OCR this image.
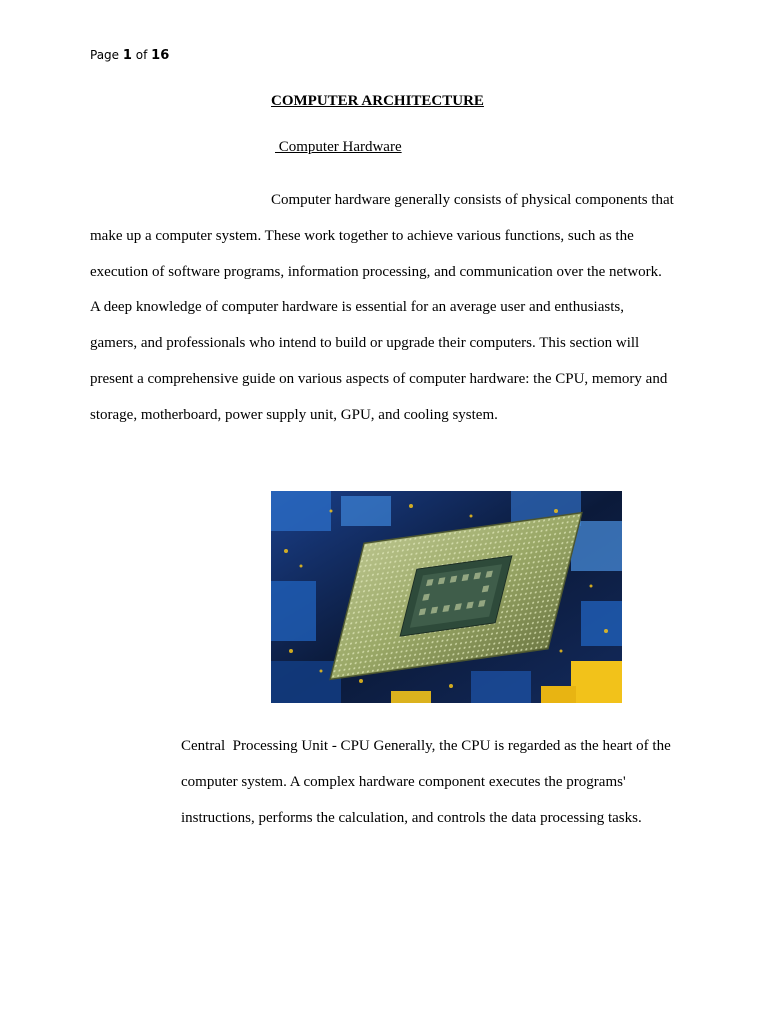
Page 1 of 16
COMPUTER ARCHITECTURE
Computer Hardware
Computer hardware generally consists of physical components that
make up a computer system. These work together to achieve various functions, such as the
execution of software programs, information processing, and communication over the network.
A deep knowledge of computer hardware is essential for an average user and enthusiasts,
gamers, and professionals who intend to build or upgrade their computers. This section will
present a comprehensive guide on various aspects of computer hardware: the CPU, memory and
storage, motherboard, power supply unit, GPU, and cooling system.
Central  Processing Unit - CPU Generally, the CPU is regarded as the heart of the
computer system. A complex hardware component executes the programs'
instructions, performs the calculation, and controls the data processing tasks.
